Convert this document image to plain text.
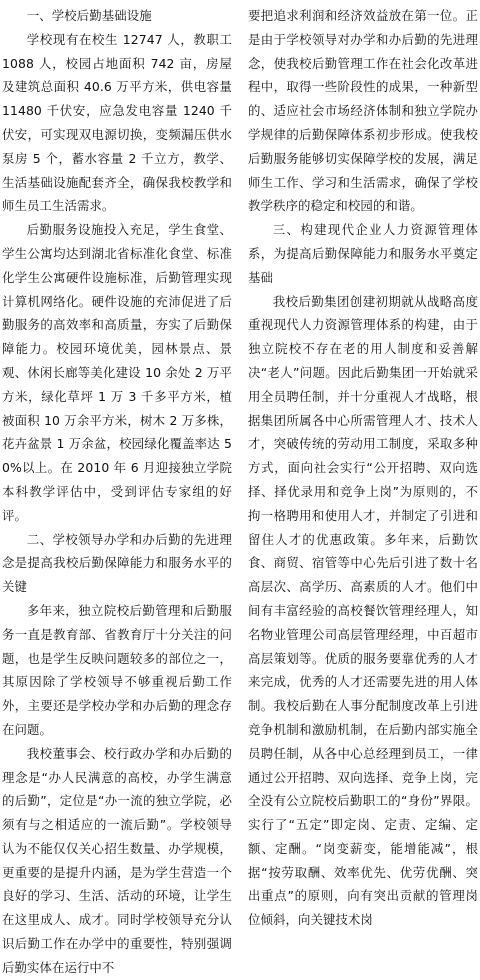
一、学校后勤基础设施

学校现有在校生 12747 人，教职工 1088 人，校园占地面积 742 亩，房屋及建筑总面积 40.6 万平方米，供电容量 11480 千伏安，应急发电容量 1240 千伏安，可实现双电源切换，变频漏压供水泵房 5 个，蓄水容量 2 千立方，教学、生活基础设施配套齐全，确保我校教学和师生员工生活需求。

后勤服务设施投入充足，学生食堂、学生公寓均达到湖北省标准化食堂、标准化学生公寓硬件设施标准，后勤管理实现计算机网络化。硬件设施的充沛促进了后勤服务的高效率和高质量，夯实了后勤保障能力。校园环境优美，园林景点、景观、休闲长廊等美化建设 10 余处 2 万平方米，绿化草坪 1 万 3 千多平方米，植被面积 10 万余平方米，树木 2 万多株，花卉盆景 1 万余盆，校园绿化覆盖率达 50%以上。在 2010 年 6 月迎接独立学院本科教学评估中，受到评估专家组的好评。

二、学校领导办学和办后勤的先进理念是提高我校后勤保障能力和服务水平的关键

多年来，独立院校后勤管理和后勤服务一直是教育部、省教育厅十分关注的问题，也是学生反映问题较多的部位之一，其原因除了学校领导不够重视后勤工作外，主要还是学校办学和办后勤的理念存在问题。

我校董事会、校行政办学和办后勤的理念是“办人民满意的高校，办学生满意的后勤”，定位是“办一流的独立学院，必须有与之相适应的一流后勤”。学校领导认为不能仅仅关心招生数量、办学规模，更重要的是提升内涵，是为学生营造一个良好的学习、生活、活动的环境，让学生在这里成人、成才。同时学校领导充分认识后勤工作在办学中的重要性，特别强调后勤实体在运行中不

要把追求利润和经济效益放在第一位。正是由于学校领导对办学和办后勤的先进理念，使我校后勤管理工作在社会化改革进程中，取得一些阶段性的成果，一种新型的、适应社会市场经济体制和独立学院办学规律的后勤保障体系初步形成。使我校后勤服务能够切实保障学校的发展，满足师生工作、学习和生活需求，确保了学校教学秩序的稳定和校园的和谐。

三、构建现代企业人力资源管理体系，为提高后勤保障能力和服务水平奠定基础

我校后勤集团创建初期就从战略高度重视现代人力资源管理体系的构建，由于独立院校不存在老的用人制度和妥善解决“老人”问题。因此后勤集团一开始就采用全员聘任制，并十分重视人才战略，根据集团所属各中心所需管理人才、技术人才，突破传统的劳动用工制度，采取多种方式，面向社会实行“公开招聘、双向选择、择优录用和竞争上岗”为原则的，不拘一格聘用和使用人才，并制定了引进和留住人才的优惠政策。多年来，后勤饮食、商贸、宿管等中心先后引进了数十名高层次、高学历、高素质的人才。他们中间有丰富经验的高校餐饮管理经理人，知名物业管理公司高层管理经理，中百超市高层策划等。优质的服务要靠优秀的人才来完成，优秀的人才还需要先进的用人体制。我校后勤在人事分配制度改革上引进竞争机制和激励机制，在后勤内部实施全员聘任制，从各中心总经理到员工，一律通过公开招聘、双向选择、竞争上岗，完全没有公立院校后勤职工的“身份”界限。实行了“五定”即定岗、定责、定编、定额、定酬。“岗变薪变，能增能减”，根据“按劳取酬、效率优先、优劳优酬、突出重点”的原则，向有突出贡献的管理岗位倾斜，向关键技术岗
